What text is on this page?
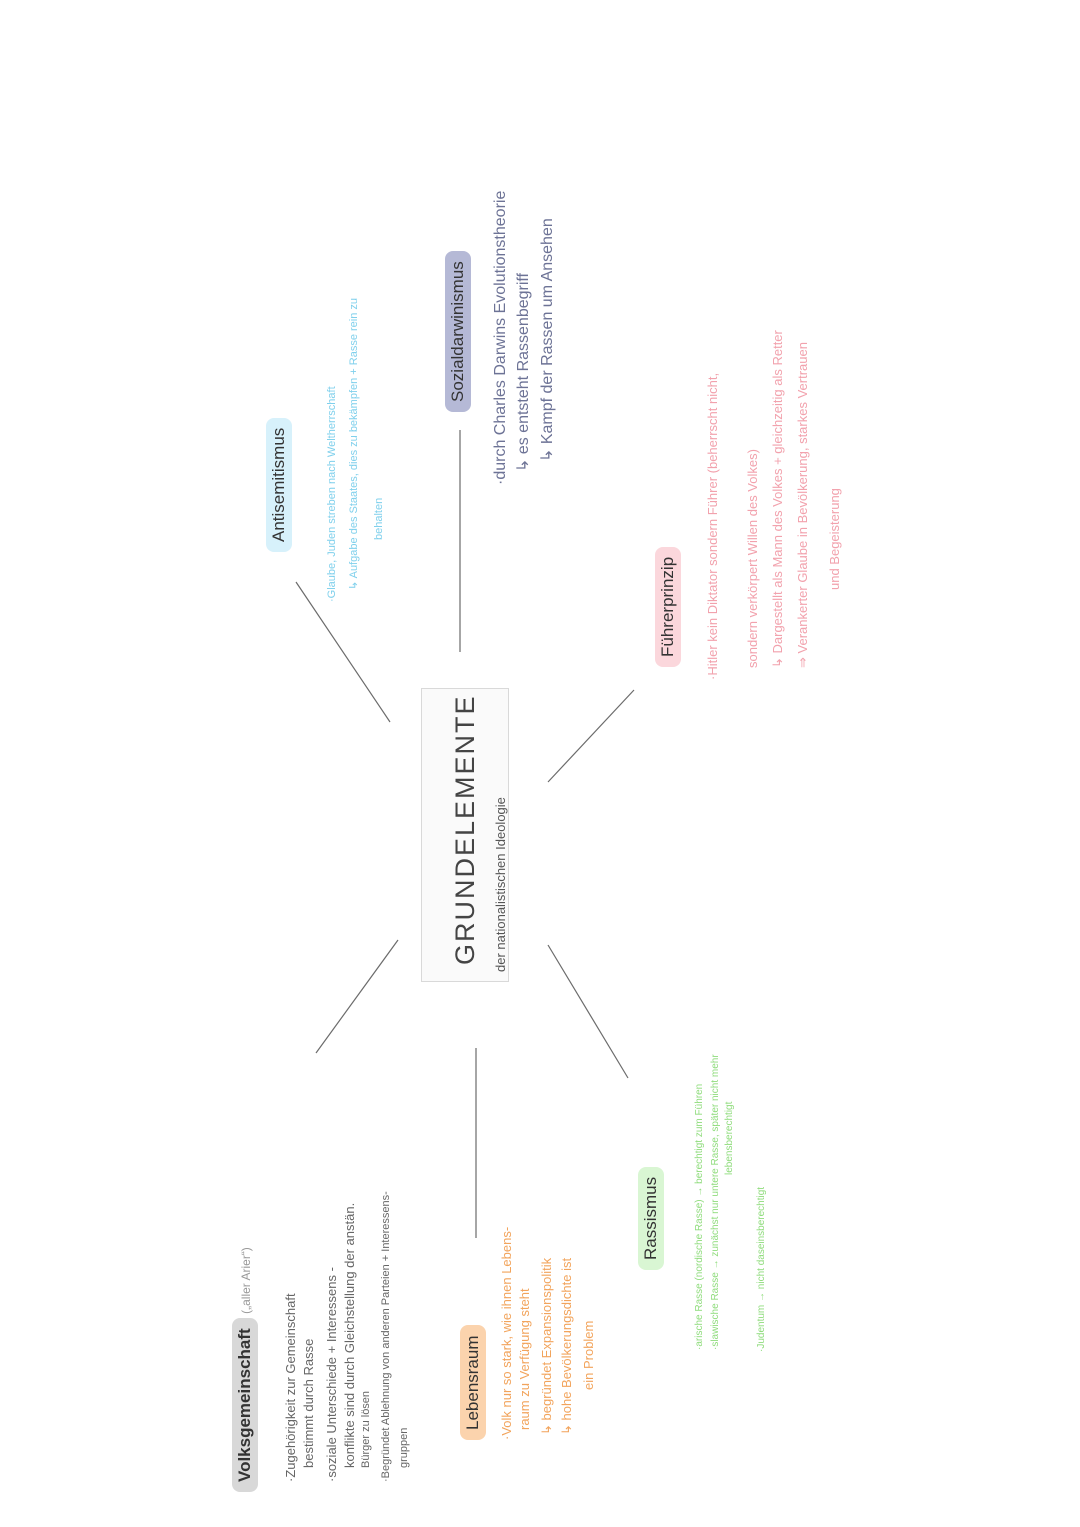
GRUNDELEMENTE der nationalistischen Ideologie
Antisemitismus	·Glaube, Juden streben nach Weltherrschaft ↳ Aufgabe des Staates, dies zu bekämpfen + Rasse rein zu behalten
Sozialdarwinismus ·durch Charles Darwins Evolutionstheorie ↳ es entsteht Rassenbegriff ↳ Kampf der Rassen um Ansehen
Führerprinzip	·Hitler kein Diktator sondern Führer (beherrscht nicht,	sondern verkörpert Willen des Volkes) ↳ Dargestellt als Mann des Volkes + gleichzeitig als Retter ⇒ Verankerter Glaube in Bevölkerung, starkes Vertrauen	und Begeisterung
Volksgemeinschaft („aller Arier“)
·Zugehörigkeit zur Gemeinschaft bestimmt durch Rasse ·soziale Unterschiede + Interessens - konflikte sind durch Gleichstellung der anstän. Bürger zu lösen ·Begründet Ablehnung von anderen Parteien + Interessens- gruppen
Lebensraum	·Volk nur so stark, wie ihnen Lebens- raum zu Verfügung steht ↳ begründet Expansionspolitik ↳ hohe Bevölkerungsdichte ist ein Problem
Rassismus	·arische Rasse (nordische Rasse) → berechtigt zum Führen ·slawische Rasse → zunächst nur untere Rasse, später nicht mehr lebensberechtigt
·Judentum → nicht daseinsberechtigt
